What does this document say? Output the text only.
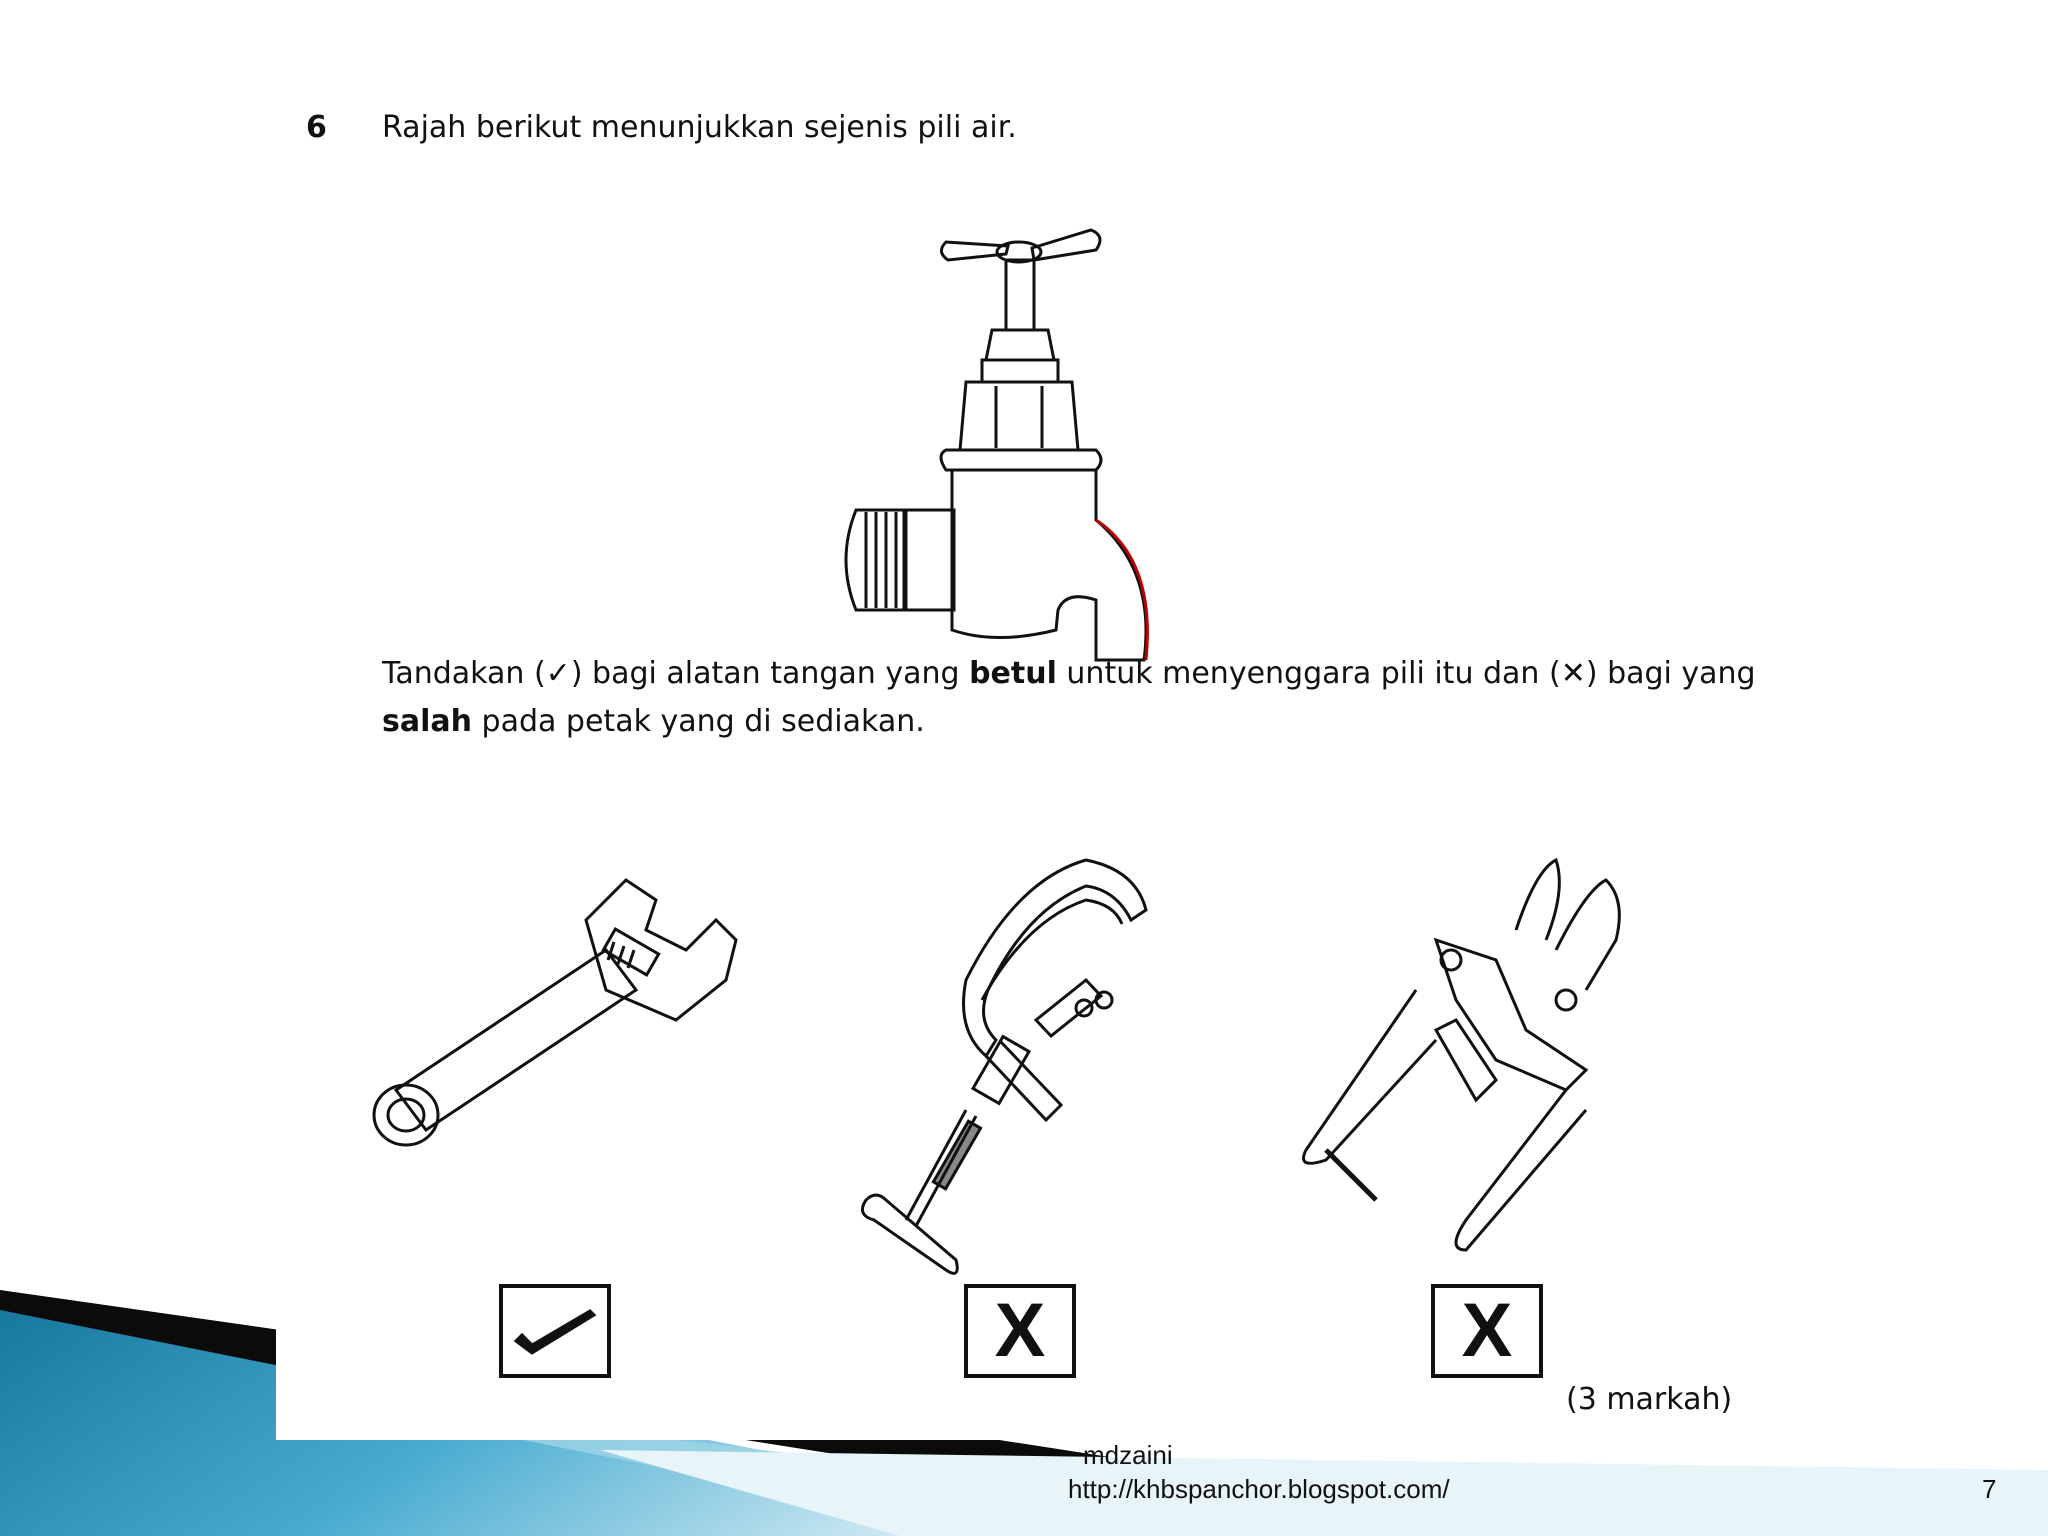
6 Rajah berikut menunjukkan sejenis pili air.
Tandakan (✓) bagi alatan tangan yang betul untuk menyenggara pili itu dan (✕) bagi yang salah pada petak yang di sediakan.
X	X
(3 markah)
mdzaini
http://khbspanchor.blogspot.com/	7
